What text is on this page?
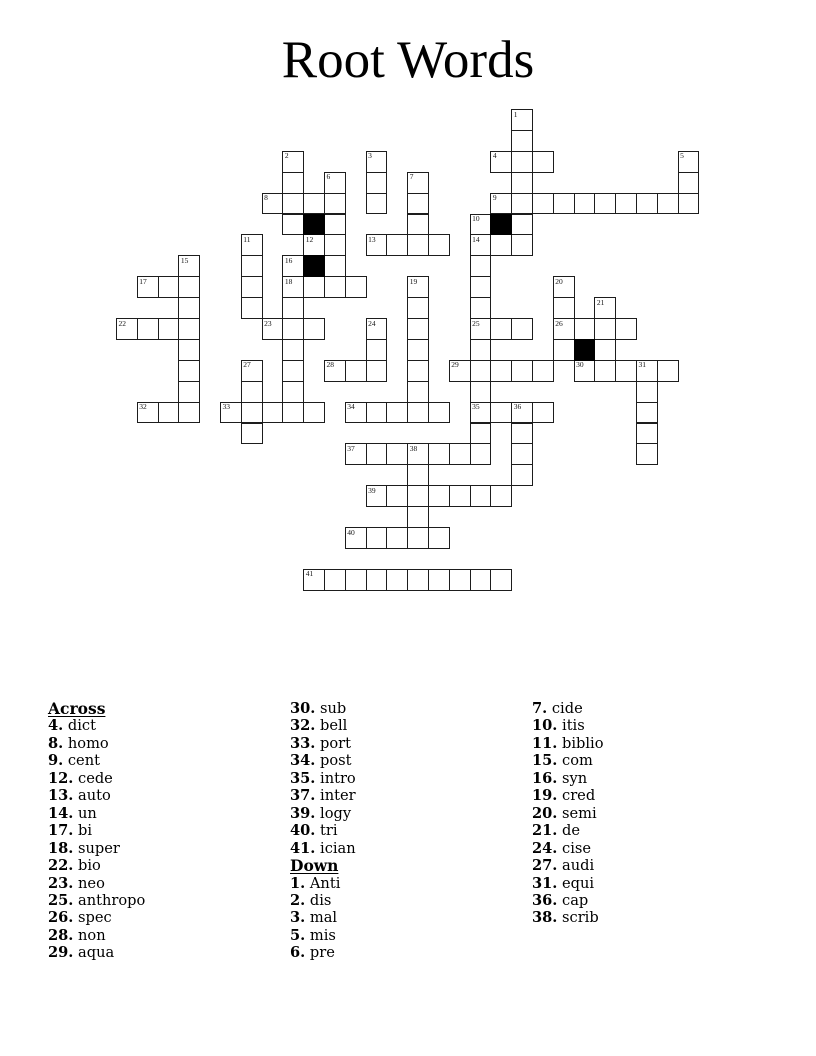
Root Words
1
2	3	4	5
6	7
8	9
10
11	12	13	14
15	16
17	18	19	20
21
22	23	24	25	26
27	28	29	30	31
32	33	34	35	36
37	38
39
40
41
Across
4. dict
8. homo
9. cent
12. cede
13. auto
14. un
17. bi
18. super
22. bio
23. neo
25. anthropo
26. spec
28. non
29. aqua
30. sub
32. bell
33. port
34. post
35. intro
37. inter
39. logy
40. tri
41. ician
Down
1. Anti
2. dis
3. mal
5. mis
6. pre
7. cide
10. itis
11. biblio
15. com
16. syn
19. cred
20. semi
21. de
24. cise
27. audi
31. equi
36. cap
38. scrib
